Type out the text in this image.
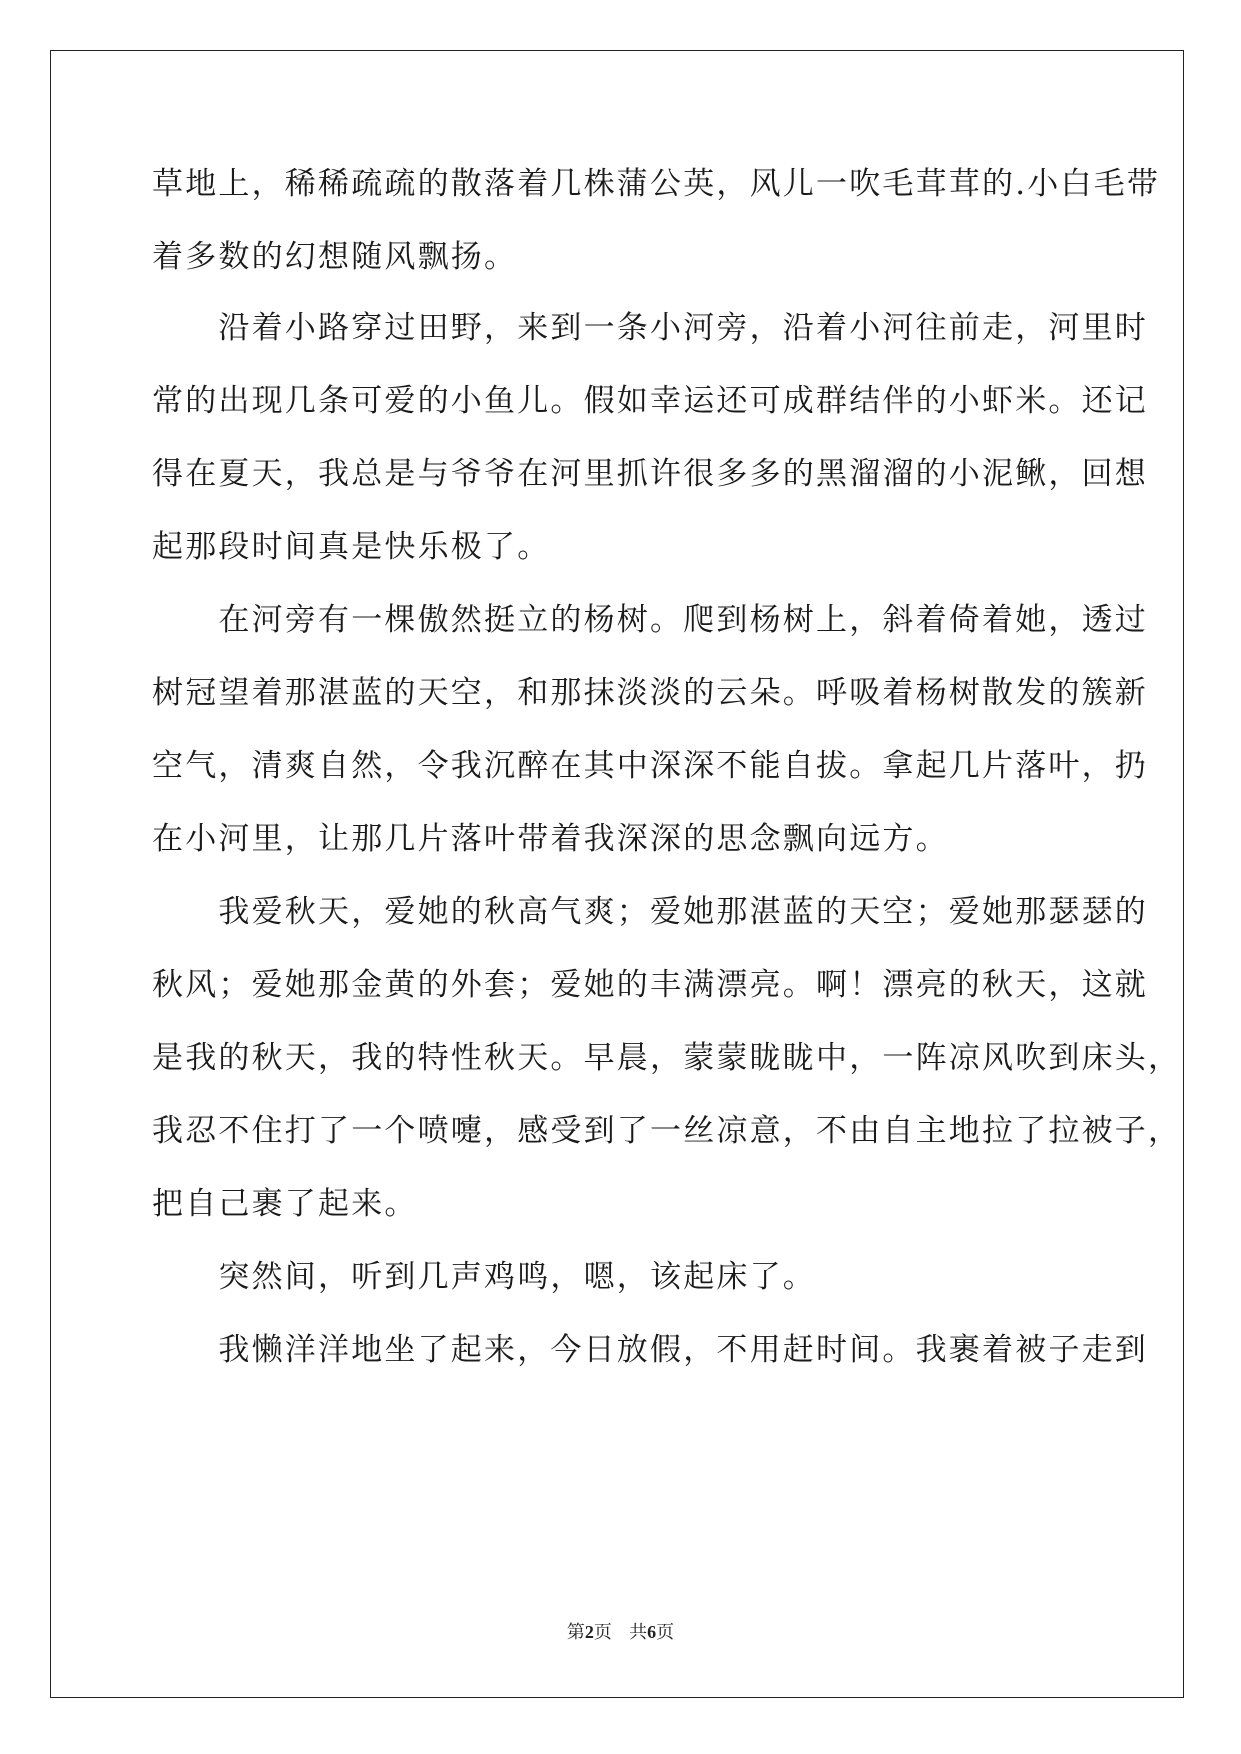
草地上，稀稀疏疏的散落着几株蒲公英，风儿一吹毛茸茸的.小白毛带
着多数的幻想随风飘扬。
　　沿着小路穿过田野，来到一条小河旁，沿着小河往前走，河里时
常的出现几条可爱的小鱼儿。假如幸运还可成群结伴的小虾米。还记
得在夏天，我总是与爷爷在河里抓许很多多的黑溜溜的小泥鳅，回想
起那段时间真是快乐极了。
　　在河旁有一棵傲然挺立的杨树。爬到杨树上，斜着倚着她，透过
树冠望着那湛蓝的天空，和那抹淡淡的云朵。呼吸着杨树散发的簇新
空气，清爽自然，令我沉醉在其中深深不能自拔。拿起几片落叶，扔
在小河里，让那几片落叶带着我深深的思念飘向远方。
　　我爱秋天，爱她的秋高气爽；爱她那湛蓝的天空；爱她那瑟瑟的
秋风；爱她那金黄的外套；爱她的丰满漂亮。啊！漂亮的秋天，这就
是我的秋天，我的特性秋天。早晨，蒙蒙眬眬中，一阵凉风吹到床头，
我忍不住打了一个喷嚏，感受到了一丝凉意，不由自主地拉了拉被子，
把自己裹了起来。
　　突然间，听到几声鸡鸣，嗯，该起床了。
　　我懒洋洋地坐了起来，今日放假，不用赶时间。我裹着被子走到
第2页 共6页
